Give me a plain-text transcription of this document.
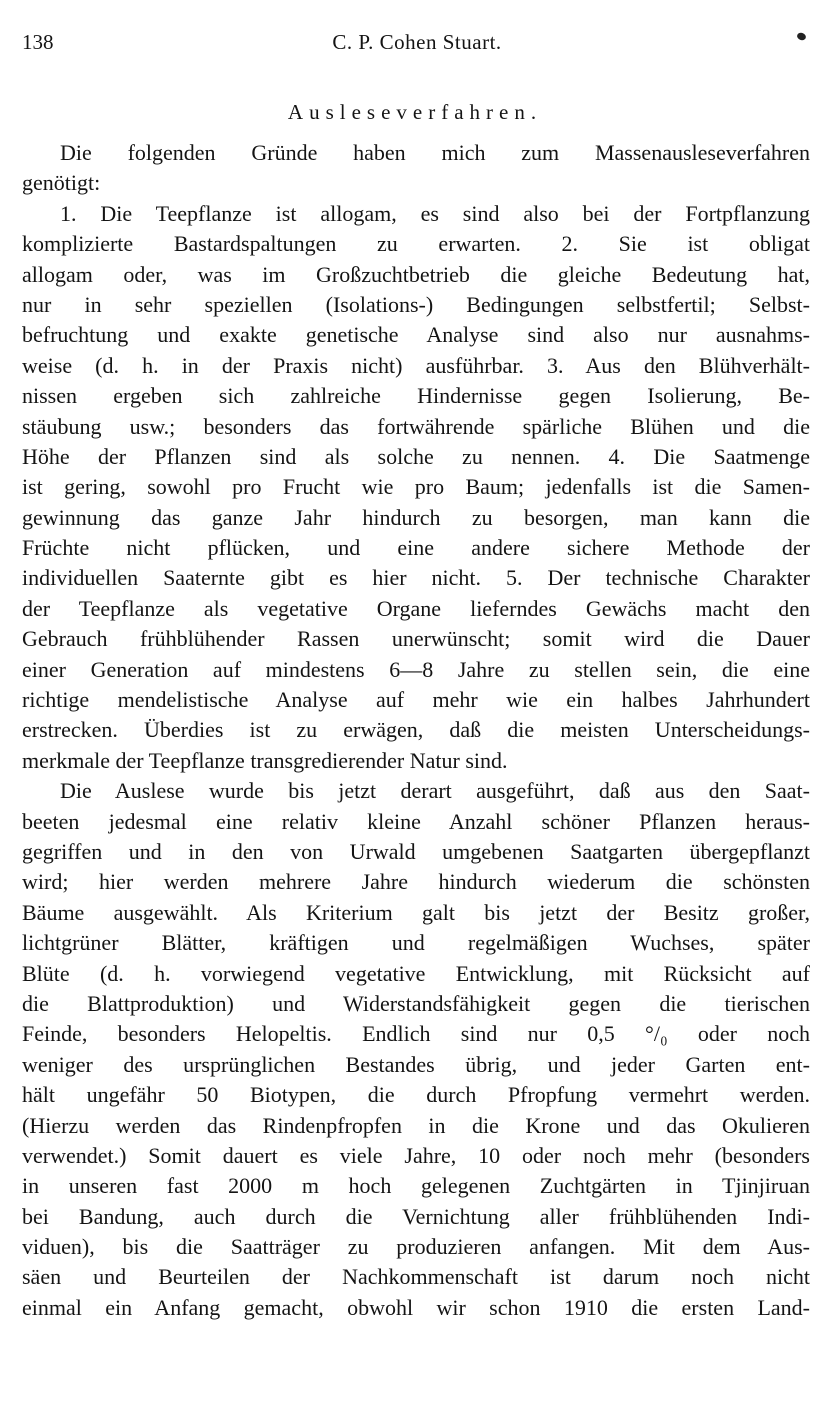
138	C. P. Cohen Stuart.
Ausleseverfahren.
Die folgenden Gründe haben mich zum Massenausleseverfahren
genötigt:
1. Die Teepflanze ist allogam, es sind also bei der Fortpflanzung
komplizierte Bastardspaltungen zu erwarten. 2. Sie ist obligat
allogam oder, was im Großzuchtbetrieb die gleiche Bedeutung hat,
nur in sehr speziellen (Isolations-) Bedingungen selbstfertil; Selbst-
befruchtung und exakte genetische Analyse sind also nur ausnahms-
weise (d. h. in der Praxis nicht) ausführbar. 3. Aus den Blühverhält-
nissen ergeben sich zahlreiche Hindernisse gegen Isolierung, Be-
stäubung usw.; besonders das fortwährende spärliche Blühen und die
Höhe der Pflanzen sind als solche zu nennen. 4. Die Saatmenge
ist gering, sowohl pro Frucht wie pro Baum; jedenfalls ist die Samen-
gewinnung das ganze Jahr hindurch zu besorgen, man kann die
Früchte nicht pflücken, und eine andere sichere Methode der
individuellen Saaternte gibt es hier nicht. 5. Der technische Charakter
der Teepflanze als vegetative Organe lieferndes Gewächs macht den
Gebrauch frühblühender Rassen unerwünscht; somit wird die Dauer
einer Generation auf mindestens 6—8 Jahre zu stellen sein, die eine
richtige mendelistische Analyse auf mehr wie ein halbes Jahrhundert
erstrecken. Überdies ist zu erwägen, daß die meisten Unterscheidungs-
merkmale der Teepflanze transgredierender Natur sind.
Die Auslese wurde bis jetzt derart ausgeführt, daß aus den Saat-
beeten jedesmal eine relativ kleine Anzahl schöner Pflanzen heraus-
gegriffen und in den von Urwald umgebenen Saatgarten übergepflanzt
wird; hier werden mehrere Jahre hindurch wiederum die schönsten
Bäume ausgewählt. Als Kriterium galt bis jetzt der Besitz großer,
lichtgrüner Blätter, kräftigen und regelmäßigen Wuchses, später
Blüte (d. h. vorwiegend vegetative Entwicklung, mit Rücksicht auf
die Blattproduktion) und Widerstandsfähigkeit gegen die tierischen
Feinde, besonders Helopeltis. Endlich sind nur 0,5 °/₀ oder noch
weniger des ursprünglichen Bestandes übrig, und jeder Garten ent-
hält ungefähr 50 Biotypen, die durch Pfropfung vermehrt werden.
(Hierzu werden das Rindenpfropfen in die Krone und das Okulieren
verwendet.) Somit dauert es viele Jahre, 10 oder noch mehr (besonders
in unseren fast 2000 m hoch gelegenen Zuchtgärten in Tjinjiruan
bei Bandung, auch durch die Vernichtung aller frühblühenden Indi-
viduen), bis die Saatträger zu produzieren anfangen. Mit dem Aus-
säen und Beurteilen der Nachkommenschaft ist darum noch nicht
einmal ein Anfang gemacht, obwohl wir schon 1910 die ersten Land-
